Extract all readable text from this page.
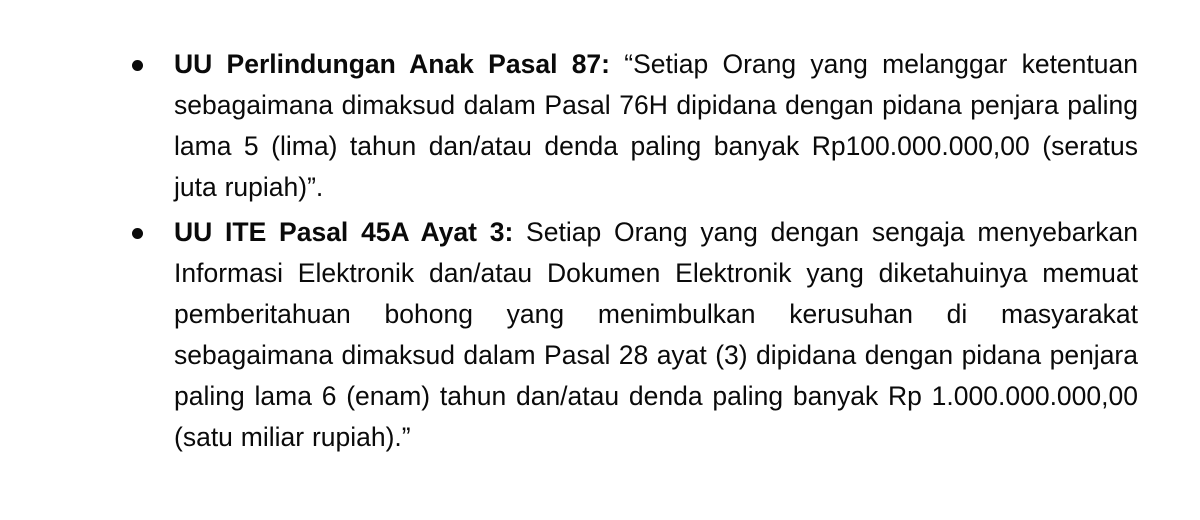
UU Perlindungan Anak Pasal 87: “Setiap Orang yang melanggar ketentuan sebagaimana dimaksud dalam Pasal 76H dipidana dengan pidana penjara paling lama 5 (lima) tahun dan/atau denda paling banyak Rp100.000.000,00 (seratus juta rupiah)”.

UU ITE Pasal 45A Ayat 3: Setiap Orang yang dengan sengaja menyebarkan Informasi Elektronik dan/atau Dokumen Elektronik yang diketahuinya memuat pemberitahuan bohong yang menimbulkan kerusuhan di masyarakat sebagaimana dimaksud dalam Pasal 28 ayat (3) dipidana dengan pidana penjara paling lama 6 (enam) tahun dan/atau denda paling banyak Rp 1.000.000.000,00 (satu miliar rupiah).”
